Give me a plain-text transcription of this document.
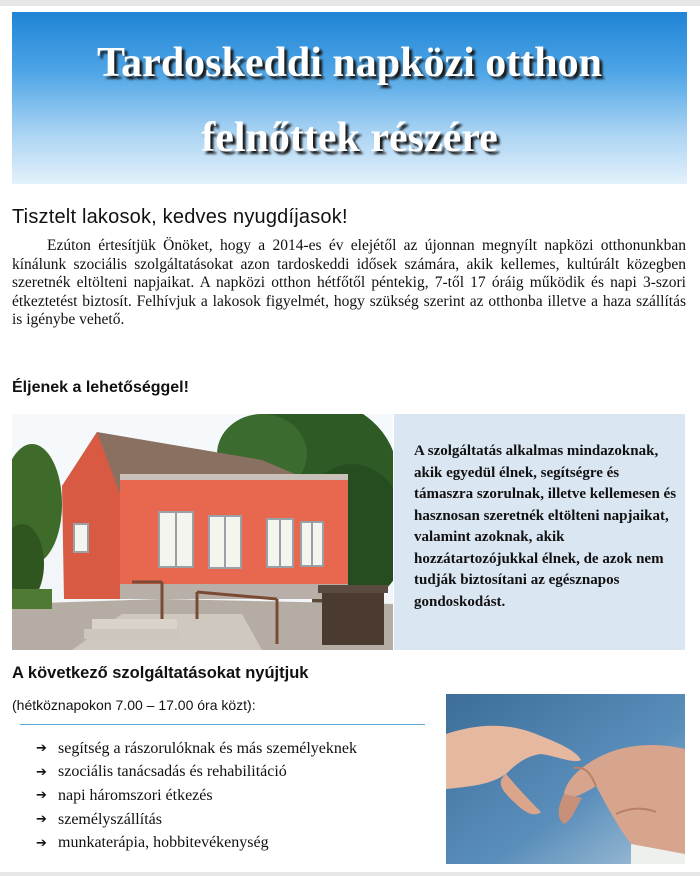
Tardoskeddi napközi otthon
felnőttek részére
Tisztelt lakosok, kedves nyugdíjasok!

Ezúton értesítjük Önöket, hogy a 2014-es év elejétől az újonnan megnyílt napközi otthonunkban kínálunk szociális szolgáltatásokat azon tardoskeddi idősek számára, akik kellemes, kultúrált közegben szeretnék eltölteni napjaikat. A napközi otthon hétfőtől péntekig, 7-től 17 óráig működik és napi 3-szori étkeztetést biztosít. Felhívjuk a lakosok figyelmét, hogy szükség szerint az otthonba illetve a haza szállítás is igénybe vehető.

Éljenek a lehetőséggel!

A szolgáltatás alkalmas mindazoknak, akik egyedül élnek, segítségre és támaszra szorulnak, illetve kellemesen és hasznosan szeretnék eltölteni napjaikat, valamint azoknak, akik hozzátartozójukkal élnek, de azok nem tudják biztosítani az egésznapos gondoskodást.

A következő szolgáltatásokat nyújtjuk
(hétköznapokon 7.00 – 17.00 óra közt):
➔ segítség a rászorulóknak és más személyeknek
➔ szociális tanácsadás és rehabilitáció
➔ napi háromszori étkezés
➔ személyszállítás
➔ munkaterápia, hobbitevékenység
